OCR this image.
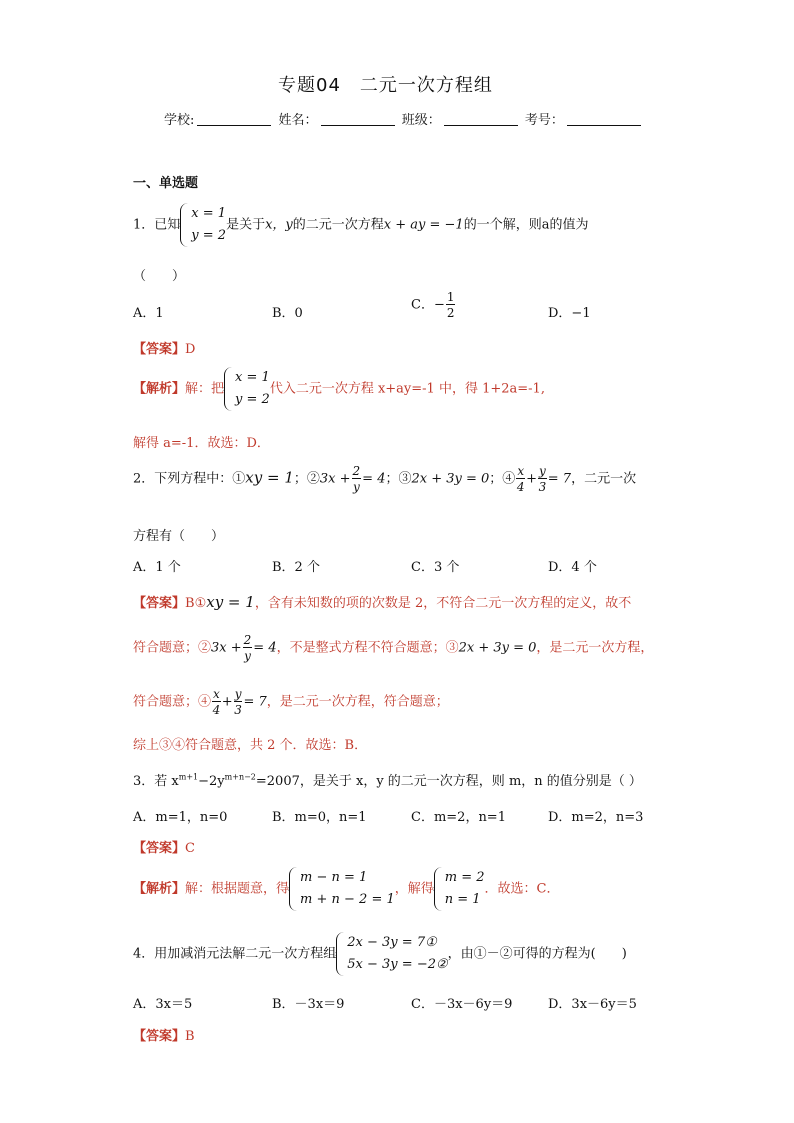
专题04　二元一次方程组
学校:	姓名：	班级：	考号：
一、单选题
1．已知
x = 1
y = 2
是关于x，y的二元一次方程x + ay = −1的一个解，则a的值为
（　　）
A．1	B．0
C．− $\frac{1}{2}$	D．−1
【答案】D
【解析】解：把
x = 1
y = 2
代入二元一次方程 x+ay=-1 中，得 1+2a=-1,
解得 a=-1．故选：D．
2．下列方程中：①xy = 1；②3x + $\frac{2}{y} = 4$；③2x + 3y = 0；④ $\frac{x}{4} + \frac{y}{3} = 7$，二元一次
方程有（　　）
A．1 个	B．2 个	C．3 个	D．4 个
【答案】B①xy = 1，含有未知数的项的次数是 2，不符合二元一次方程的定义，故不
符合题意；②3x + $\frac{2}{y} = 4$，不是整式方程不符合题意；③2x + 3y = 0，是二元一次方程，
符合题意；④ $\frac{x}{4} + \frac{y}{3} = 7$，是二元一次方程，符合题意；
综上③④符合题意，共 2 个．故选：B．
3．若 $x^{m+1}-2y^{m+n-2}=2007$，是关于 x，y 的二元一次方程，则 m，n 的值分别是（ ）
A．m=1，n=0	B．m=0，n=1	C．m=2，n=1	D．m=2，n=3
【答案】C
【解析】解：根据题意，得
m − n = 1
m + n − 2 = 1
，解得
m = 2
n = 1
．故选：C．
4．用加减消元法解二元一次方程组
2x − 3y = 7①
5x − 3y = −2②
，由①－②可得的方程为(　　)
A．3x＝5	B．－3x＝9	C．－3x－6y＝9	D．3x－6y＝5
【答案】B
